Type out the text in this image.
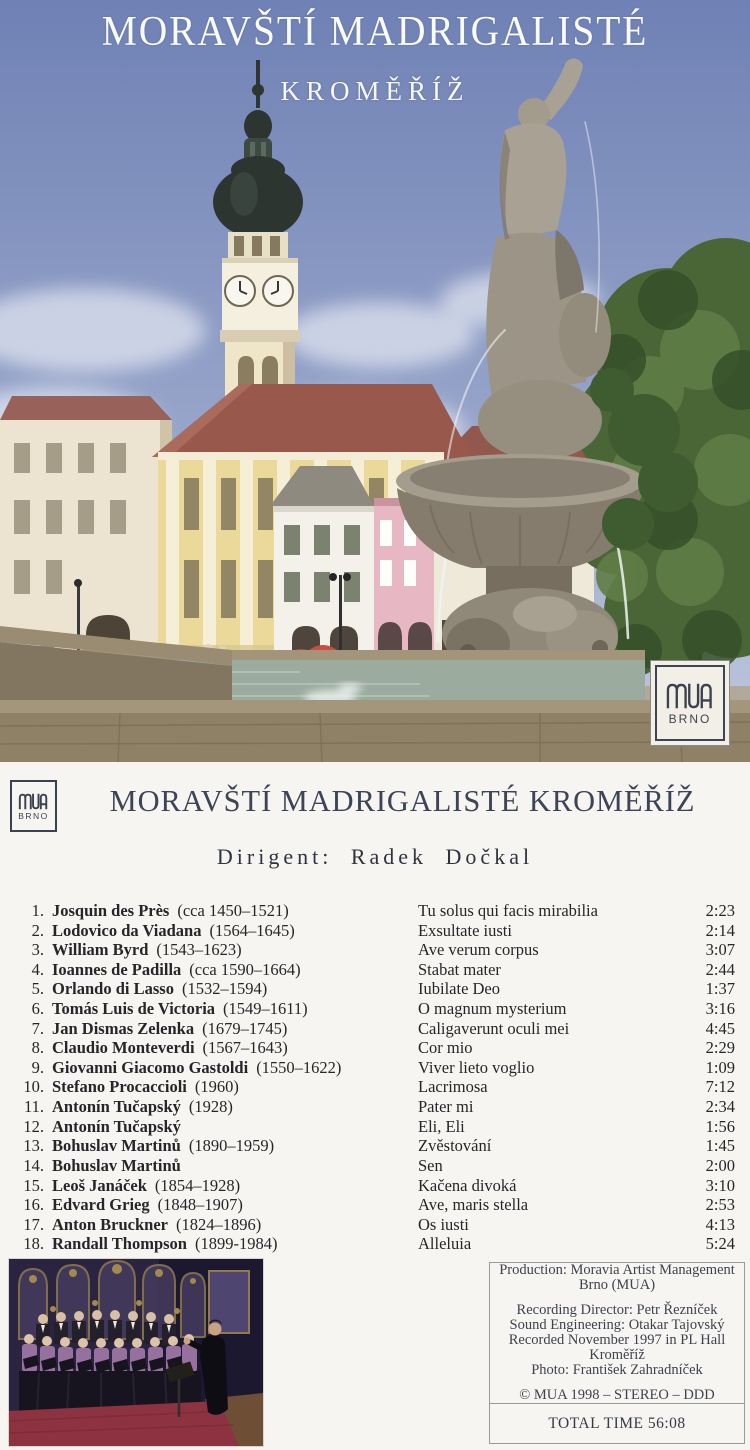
MORAVŠTÍ MADRIGALISTÉ
KROMĚŘÍŽ
BRNO
BRNO	MORAVŠTÍ MADRIGALISTÉ KROMĚŘÍŽ
Dirigent: Radek Dočkal
1. Josquin des Près (cca 1450–1521)	Tu solus qui facis mirabilia	2:23
2. Lodovico da Viadana (1564–1645)	Exsultate iusti	2:14
3. William Byrd (1543–1623)	Ave verum corpus	3:07
4. Ioannes de Padilla (cca 1590–1664)	Stabat mater	2:44
5. Orlando di Lasso (1532–1594)	Iubilate Deo	1:37
6. Tomás Luis de Victoria (1549–1611)	O magnum mysterium	3:16
7. Jan Dismas Zelenka (1679–1745)	Caligaverunt oculi mei	4:45
8. Claudio Monteverdi (1567–1643)	Cor mio	2:29
9. Giovanni Giacomo Gastoldi (1550–1622)	Viver lieto voglio	1:09
10. Stefano Procaccioli (1960)	Lacrimosa	7:12
11. Antonín Tučapský (1928)	Pater mi	2:34
12. Antonín Tučapský	Eli, Eli	1:56
13. Bohuslav Martinů (1890–1959)	Zvěstování	1:45
14. Bohuslav Martinů	Sen	2:00
15. Leoš Janáček (1854–1928)	Kačena divoká	3:10
16. Edvard Grieg (1848–1907)	Ave, maris stella	2:53
17. Anton Bruckner (1824–1896)	Os iusti	4:13
18. Randall Thompson (1899-1984)	Alleluia	5:24
Production: Moravia Artist Management
Brno (MUA)
Recording Director: Petr Řezníček
Sound Engineering: Otakar Tajovský
Recorded November 1997 in PL Hall
Kroměříž
Photo: František Zahradníček
© MUA 1998 – STEREO – DDD
TOTAL TIME 56:08
